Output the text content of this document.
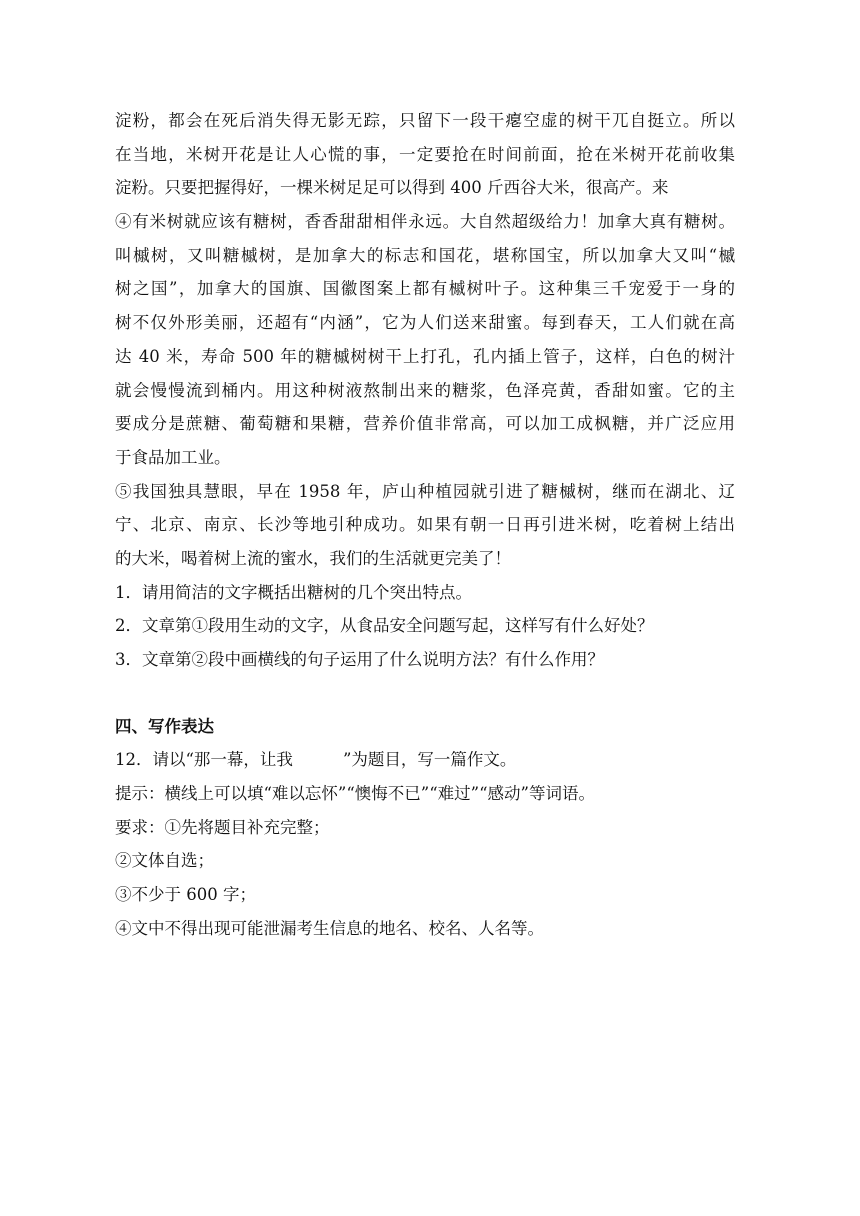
淀粉，都会在死后消失得无影无踪，只留下一段干瘪空虚的树干兀自挺立。所以
在当地，米树开花是让人心慌的事，一定要抢在时间前面，抢在米树开花前收集
淀粉。只要把握得好，一棵米树足足可以得到 400 斤西谷大米，很高产。来
④有米树就应该有糖树，香香甜甜相伴永远。大自然超级给力！加拿大真有糖树。
叫槭树，又叫糖槭树，是加拿大的标志和国花，堪称国宝，所以加拿大又叫“槭
树之国”，加拿大的国旗、国徽图案上都有槭树叶子。这种集三千宠爱于一身的
树不仅外形美丽，还超有“内涵”，它为人们送来甜蜜。每到春天，工人们就在高
达 40 米，寿命 500 年的糖槭树树干上打孔，孔内插上管子，这样，白色的树汁
就会慢慢流到桶内。用这种树液熬制出来的糖浆，色泽亮黄，香甜如蜜。它的主
要成分是蔗糖、葡萄糖和果糖，营养价值非常高，可以加工成枫糖，并广泛应用
于食品加工业。
⑤我国独具慧眼，早在 1958 年，庐山种植园就引进了糖槭树，继而在湖北、辽
宁、北京、南京、长沙等地引种成功。如果有朝一日再引进米树，吃着树上结出
的大米，喝着树上流的蜜水，我们的生活就更完美了！
1．请用简洁的文字概括出糖树的几个突出特点。
2．文章第①段用生动的文字，从食品安全问题写起，这样写有什么好处？
3．文章第②段中画横线的句子运用了什么说明方法？有什么作用？
四、写作表达
12．请以“那一幕，让我	”为题目，写一篇作文。
提示：横线上可以填“难以忘怀”“懊悔不已”“难过”“感动”等词语。
要求：①先将题目补充完整；
②文体自选；
③不少于 600 字；
④文中不得出现可能泄漏考生信息的地名、校名、人名等。
